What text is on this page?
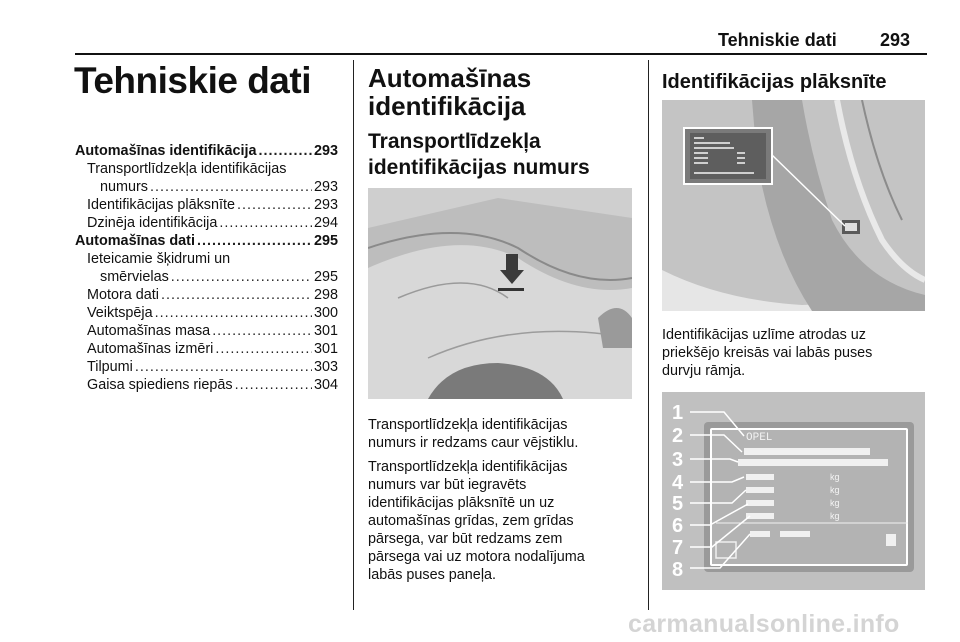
Tehniskie dati 293
Tehniskie dati
Automašīnas identifikācija .....	293
Transportlīdzekļa identifikācijas
numurs .....	293
Identifikācijas plāksnīte .....	293
Dzinēja identifikācija .....	294
Automašīnas dati .....	295
Ieteicamie šķidrumi un
smērvielas .....	295
Motora dati .....	298
Veiktspēja .....	300
Automašīnas masa .....	301
Automašīnas izmēri .....	301
Tilpumi .....	303
Gaisa spiediens riepās .....	304
Automašīnas
identifikācija
Transportlīdzekļa
identifikācijas numurs
Transportlīdzekļa identifikācijas
numurs ir redzams caur vējstiklu.
Transportlīdzekļa identifikācijas
numurs var būt iegravēts
identifikācijas plāksnītē un uz
automašīnas grīdas, zem grīdas
pārsega, var būt redzams zem
pārsega vai uz motora nodalījuma
labās puses paneļa.
Identifikācijas plāksnīte
Identifikācijas uzlīme atrodas uz
priekšējo kreisās vai labās puses
durvju rāmja.
OPEL
kg
kg
kg
kg
1
2
3
4
5
6
7
8
carmanualsonline.info
